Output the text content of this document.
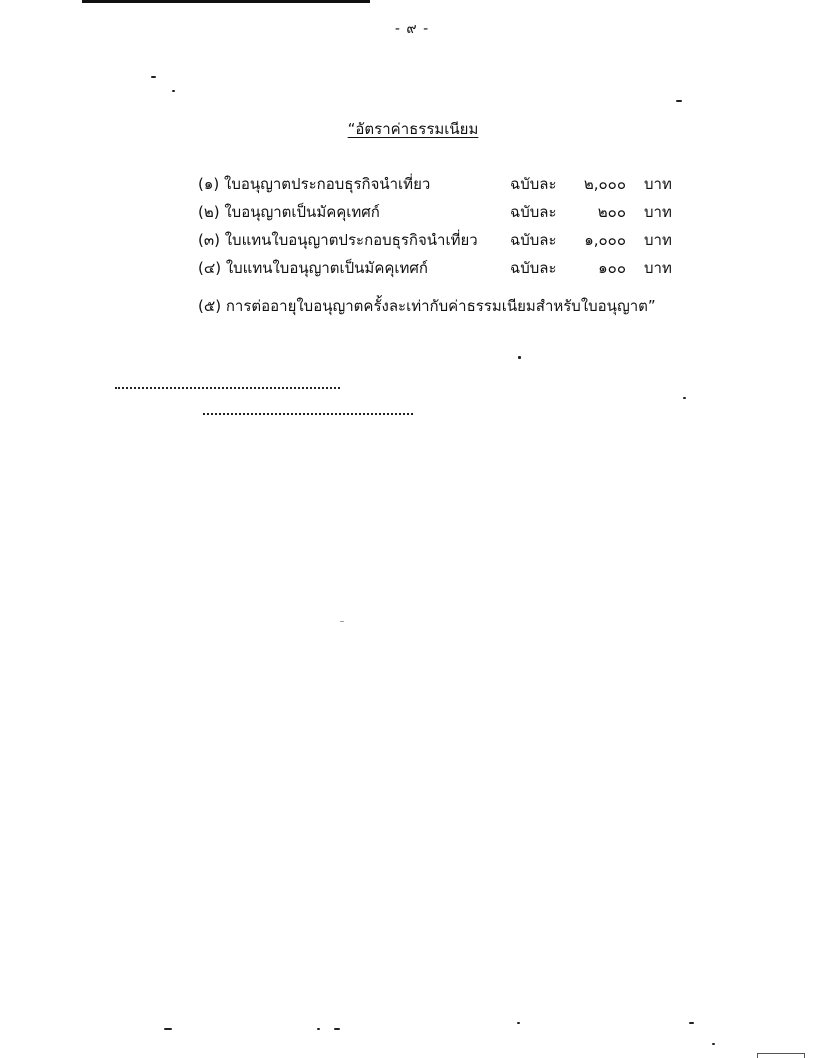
- ๙ -
“อัตราค่าธรรมเนียม
(๑) ใบอนุญาตประกอบธุรกิจนำเที่ยว	ฉบับละ	๒,๐๐๐ บาท
(๒) ใบอนุญาตเป็นมัคคุเทศก์	ฉบับละ	๒๐๐ บาท
(๓) ใบแทนใบอนุญาตประกอบธุรกิจนำเที่ยว ฉบับละ	๑,๐๐๐ บาท
(๔) ใบแทนใบอนุญาตเป็นมัคคุเทศก์	ฉบับละ	๑๐๐ บาท
(๕) การต่ออายุใบอนุญาตครั้งละเท่ากับค่าธรรมเนียมสำหรับใบอนุญาต”
